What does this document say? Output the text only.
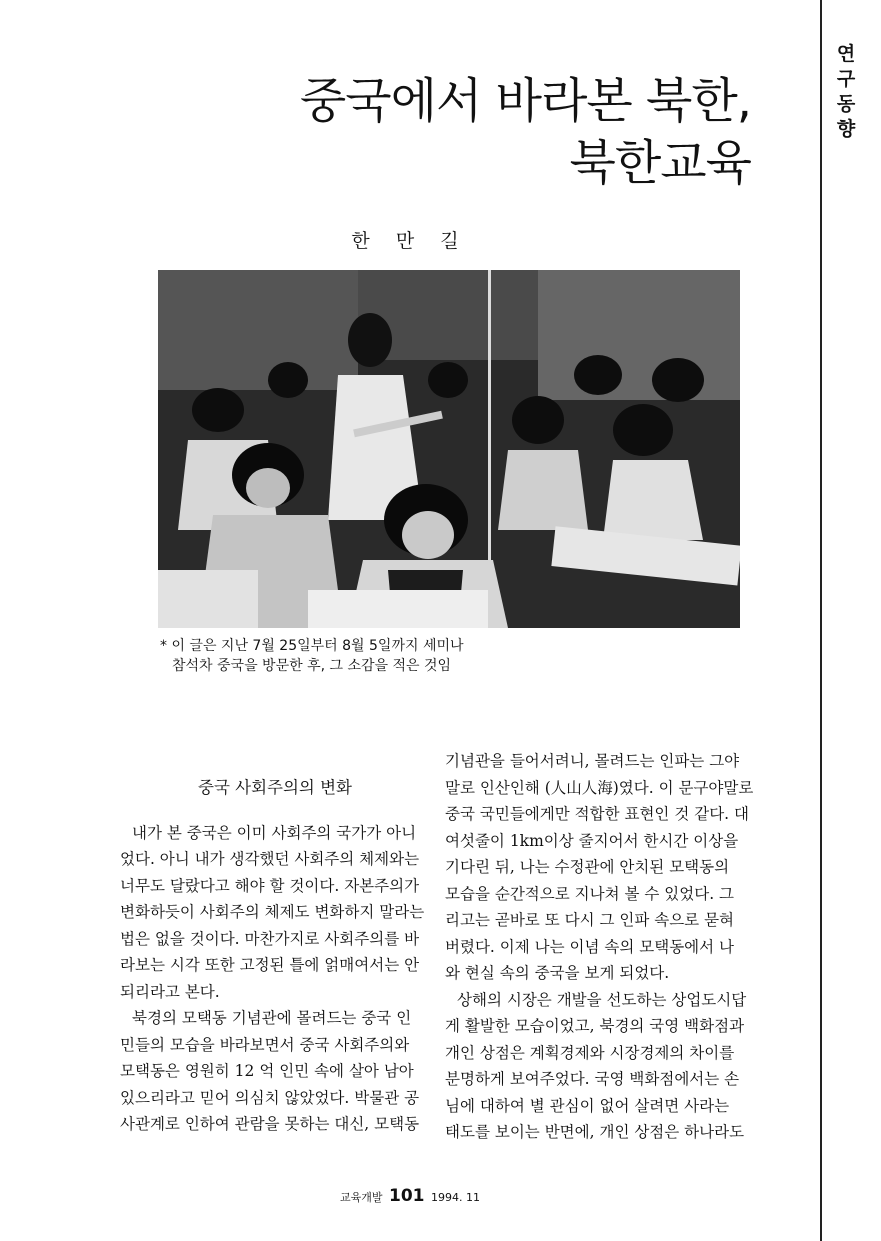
연
구
동
향
중국에서 바라본 북한,
북한교육
한 만 길
* 이 글은 지난 7월 25일부터 8월 5일까지 세미나
참석차 중국을 방문한 후, 그 소감을 적은 것임
중국 사회주의의 변화
내가 본 중국은 이미 사회주의 국가가 아니
었다. 아니 내가 생각했던 사회주의 체제와는
너무도 달랐다고 해야 할 것이다. 자본주의가
변화하듯이 사회주의 체제도 변화하지 말라는
법은 없을 것이다. 마찬가지로 사회주의를 바
라보는 시각 또한 고정된 틀에 얽매여서는 안
되리라고 본다.
북경의 모택동 기념관에 몰려드는 중국 인
민들의 모습을 바라보면서 중국 사회주의와
모택동은 영원히 12 억 인민 속에 살아 남아
있으리라고 믿어 의심치 않았었다. 박물관 공
사관계로 인하여 관람을 못하는 대신, 모택동
기념관을 들어서려니, 몰려드는 인파는 그야
말로 인산인해 (人山人海)였다. 이 문구야말로
중국 국민들에게만 적합한 표현인 것 같다. 대
여섯줄이 1km이상 줄지어서 한시간 이상을
기다린 뒤, 나는 수정관에 안치된 모택동의
모습을 순간적으로 지나쳐 볼 수 있었다. 그
리고는 곧바로 또 다시 그 인파 속으로 묻혀
버렸다. 이제 나는 이념 속의 모택동에서 나
와 현실 속의 중국을 보게 되었다.
상해의 시장은 개발을 선도하는 상업도시답
게 활발한 모습이었고, 북경의 국영 백화점과
개인 상점은 계획경제와 시장경제의 차이를
분명하게 보여주었다. 국영 백화점에서는 손
님에 대하여 별 관심이 없어 살려면 사라는
태도를 보이는 반면에, 개인 상점은 하나라도
교육개발 101 1994. 11
